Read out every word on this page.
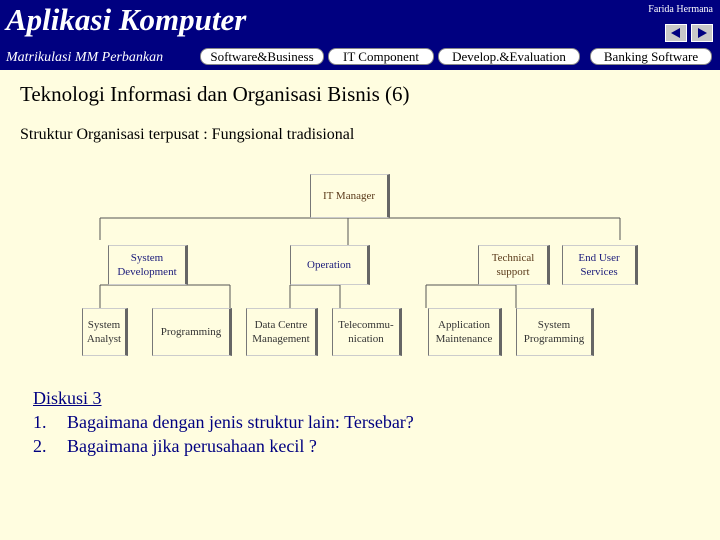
Aplikasi Komputer	Farida Hermana
Matrikulasi MM Perbankan	Software&Business	IT Component	Develop.&Evaluation	Banking Software
Teknologi Informasi dan Organisasi Bisnis (6)
Struktur Organisasi terpusat : Fungsional tradisional
IT Manager
System Development
Operation
Technical support
End User Services
System Analyst
Programming
Data Centre Management
Telecommu- nication
Application Maintenance
System Programming
Diskusi 3
1.	Bagaimana dengan jenis struktur lain: Tersebar?
2.	Bagaimana jika perusahaan kecil ?
